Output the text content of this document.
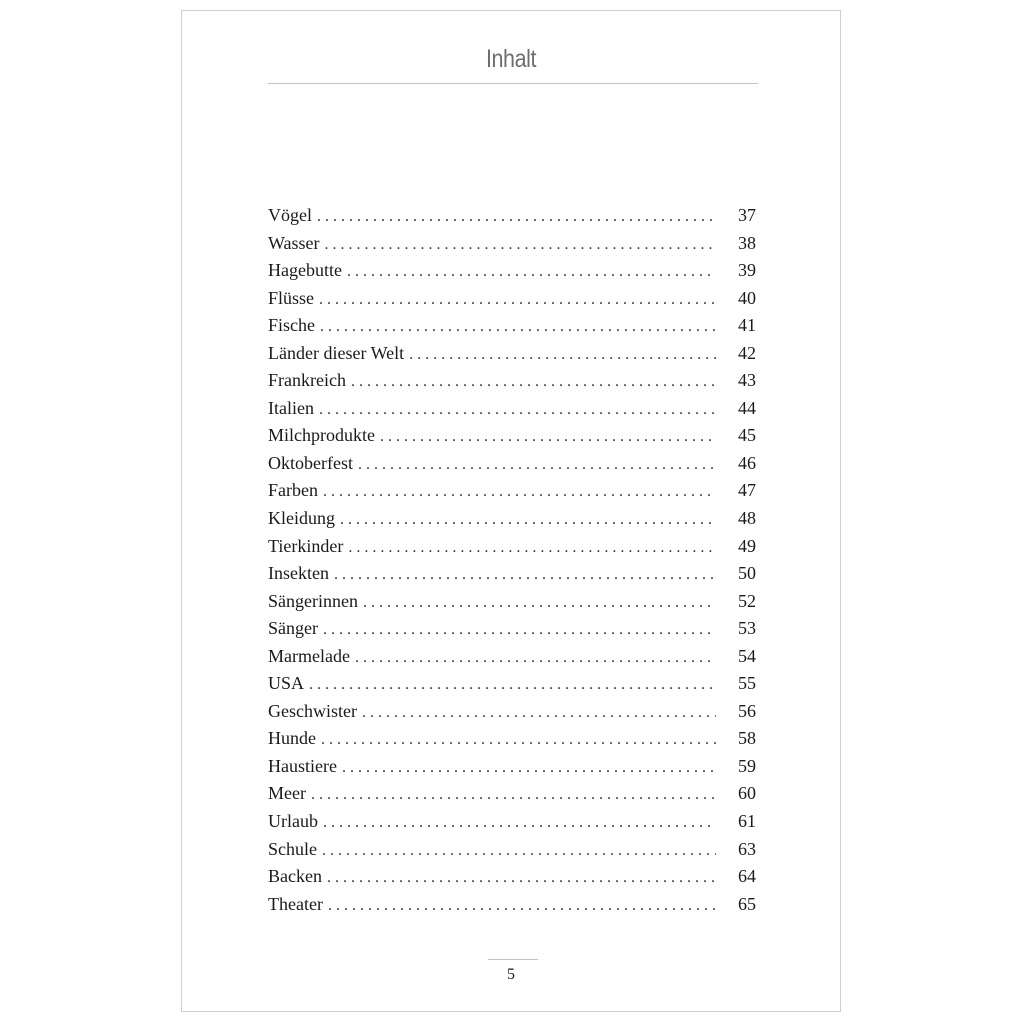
Inhalt
Vögel . . .	37
Wasser . . .	38
Hagebutte . . .	39
Flüsse . . .	40
Fische . . .	41
Länder dieser Welt . . .	42
Frankreich . . .	43
Italien . . .	44
Milchprodukte . . .	45
Oktoberfest . . .	46
Farben . . .	47
Kleidung . . .	48
Tierkinder . . .	49
Insekten . . .	50
Sängerinnen . . .	52
Sänger . . .	53
Marmelade . . .	54
USA . . .	55
Geschwister . . .	56
Hunde . . .	58
Haustiere . . .	59
Meer . . .	60
Urlaub . . .	61
Schule . . .	63
Backen . . .	64
Theater . . .	65
5
